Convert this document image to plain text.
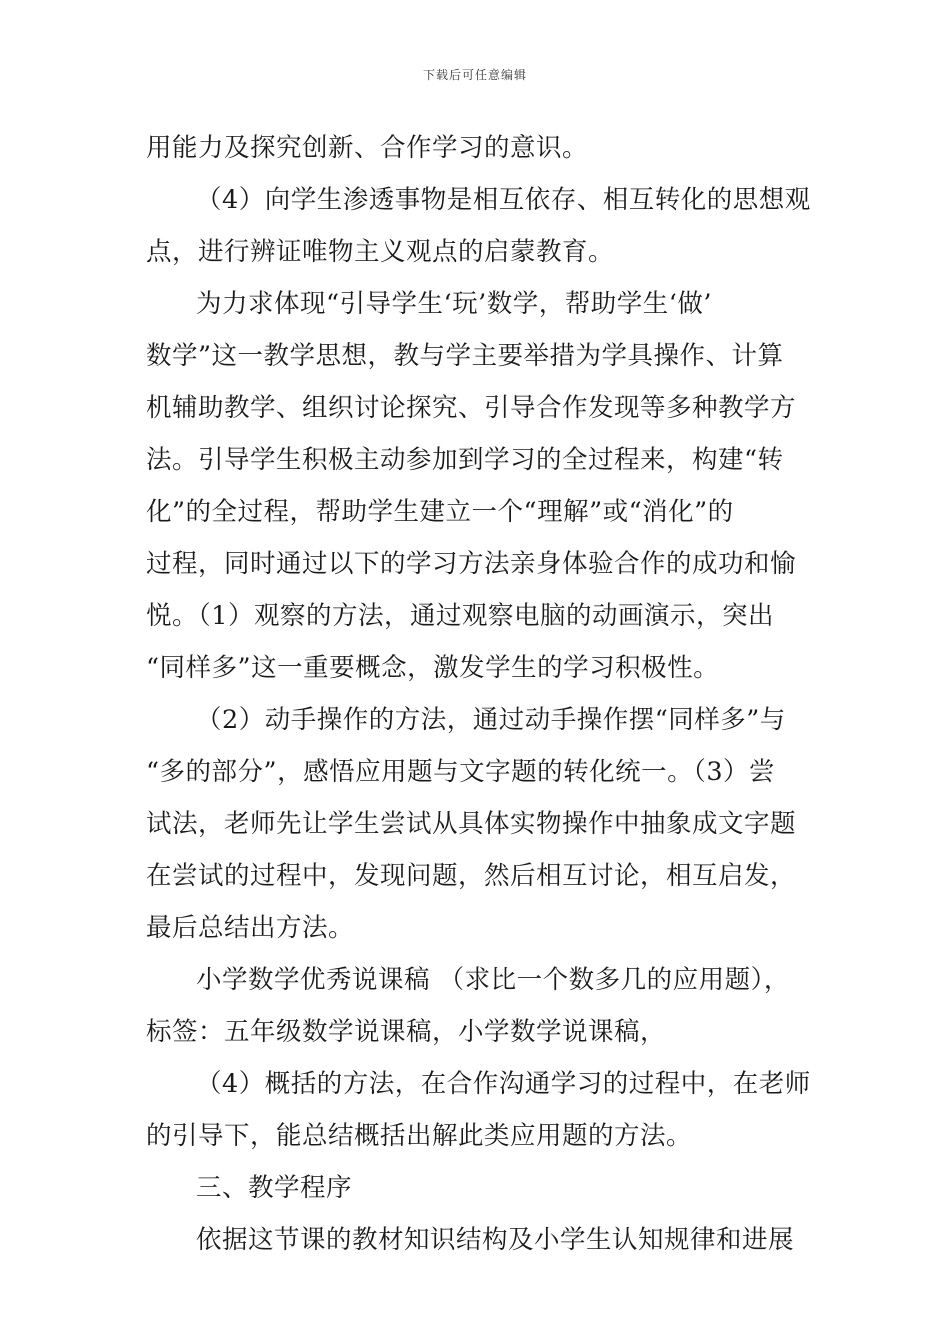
下载后可任意编辑
用能力及探究创新、合作学习的意识。
（4）向学生渗透事物是相互依存、相互转化的思想观
点，进行辨证唯物主义观点的启蒙教育。
为力求体现“引导学生‘玩’数学，帮助学生‘做’
数学”这一教学思想，教与学主要举措为学具操作、计算
机辅助教学、组织讨论探究、引导合作发现等多种教学方
法。引导学生积极主动参加到学习的全过程来，构建“转
化”的全过程，帮助学生建立一个“理解”或“消化”的
过程，同时通过以下的学习方法亲身体验合作的成功和愉
悦。（1）观察的方法，通过观察电脑的动画演示，突出
“同样多”这一重要概念，激发学生的学习积极性。
（2）动手操作的方法，通过动手操作摆“同样多”与
“多的部分”，感悟应用题与文字题的转化统一。（3）尝
试法，老师先让学生尝试从具体实物操作中抽象成文字题
在尝试的过程中，发现问题，然后相互讨论，相互启发，
最后总结出方法。
小学数学优秀说课稿 （求比一个数多几的应用题），
标签：五年级数学说课稿，小学数学说课稿，
（4）概括的方法，在合作沟通学习的过程中，在老师
的引导下，能总结概括出解此类应用题的方法。
三、教学程序
依据这节课的教材知识结构及小学生认知规律和进展
